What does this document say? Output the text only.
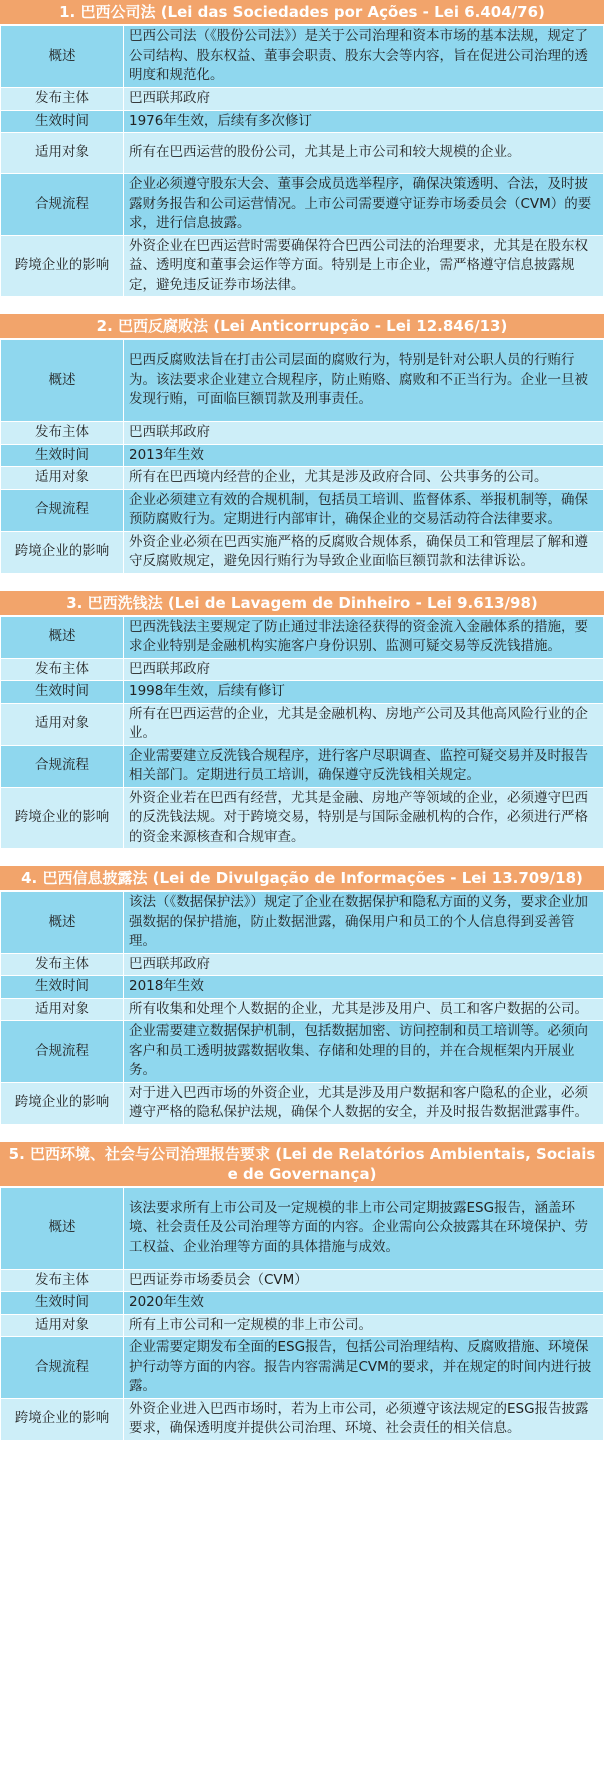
1. 巴西公司法 (Lei das Sociedades por Ações - Lei 6.404/76)
概述	巴西公司法（《股份公司法》）是关于公司治理和资本市场的基本法规，规定了公司结构、股东权益、董事会职责、股东大会等内容，旨在促进公司治理的透明度和规范化。
发布主体	巴西联邦政府
生效时间	1976年生效，后续有多次修订
适用对象	所有在巴西运营的股份公司，尤其是上市公司和较大规模的企业。
合规流程	企业必须遵守股东大会、董事会成员选举程序，确保决策透明、合法，及时披露财务报告和公司运营情况。上市公司需要遵守证券市场委员会（CVM）的要求，进行信息披露。
跨境企业的影响	外资企业在巴西运营时需要确保符合巴西公司法的治理要求，尤其是在股东权益、透明度和董事会运作等方面。特别是上市企业，需严格遵守信息披露规定，避免违反证券市场法律。
2. 巴西反腐败法 (Lei Anticorrupção - Lei 12.846/13)
概述	巴西反腐败法旨在打击公司层面的腐败行为，特别是针对公职人员的行贿行为。该法要求企业建立合规程序，防止贿赂、腐败和不正当行为。企业一旦被发现行贿，可面临巨额罚款及刑事责任。
发布主体	巴西联邦政府
生效时间	2013年生效
适用对象	所有在巴西境内经营的企业，尤其是涉及政府合同、公共事务的公司。
合规流程	企业必须建立有效的合规机制，包括员工培训、监督体系、举报机制等，确保预防腐败行为。定期进行内部审计，确保企业的交易活动符合法律要求。
跨境企业的影响	外资企业必须在巴西实施严格的反腐败合规体系，确保员工和管理层了解和遵守反腐败规定，避免因行贿行为导致企业面临巨额罚款和法律诉讼。
3. 巴西洗钱法 (Lei de Lavagem de Dinheiro - Lei 9.613/98)
概述	巴西洗钱法主要规定了防止通过非法途径获得的资金流入金融体系的措施，要求企业特别是金融机构实施客户身份识别、监测可疑交易等反洗钱措施。
发布主体	巴西联邦政府
生效时间	1998年生效，后续有修订
适用对象	所有在巴西运营的企业，尤其是金融机构、房地产公司及其他高风险行业的企业。
合规流程	企业需要建立反洗钱合规程序，进行客户尽职调查、监控可疑交易并及时报告相关部门。定期进行员工培训，确保遵守反洗钱相关规定。
跨境企业的影响	外资企业若在巴西有经营，尤其是金融、房地产等领域的企业，必须遵守巴西的反洗钱法规。对于跨境交易，特别是与国际金融机构的合作，必须进行严格的资金来源核查和合规审查。
4. 巴西信息披露法 (Lei de Divulgação de Informações - Lei 13.709/18)
概述	该法（《数据保护法》）规定了企业在数据保护和隐私方面的义务，要求企业加强数据的保护措施，防止数据泄露，确保用户和员工的个人信息得到妥善管理。
发布主体	巴西联邦政府
生效时间	2018年生效
适用对象	所有收集和处理个人数据的企业，尤其是涉及用户、员工和客户数据的公司。
合规流程	企业需要建立数据保护机制，包括数据加密、访问控制和员工培训等。必须向客户和员工透明披露数据收集、存储和处理的目的，并在合规框架内开展业务。
跨境企业的影响	对于进入巴西市场的外资企业，尤其是涉及用户数据和客户隐私的企业，必须遵守严格的隐私保护法规，确保个人数据的安全，并及时报告数据泄露事件。
5. 巴西环境、社会与公司治理报告要求 (Lei de Relatórios Ambientais, Sociais e de Governança)
概述	该法要求所有上市公司及一定规模的非上市公司定期披露ESG报告，涵盖环境、社会责任及公司治理等方面的内容。企业需向公众披露其在环境保护、劳工权益、企业治理等方面的具体措施与成效。
发布主体	巴西证券市场委员会（CVM）
生效时间	2020年生效
适用对象	所有上市公司和一定规模的非上市公司。
合规流程	企业需要定期发布全面的ESG报告，包括公司治理结构、反腐败措施、环境保护行动等方面的内容。报告内容需满足CVM的要求，并在规定的时间内进行披露。
跨境企业的影响	外资企业进入巴西市场时，若为上市公司，必须遵守该法规定的ESG报告披露要求，确保透明度并提供公司治理、环境、社会责任的相关信息。
